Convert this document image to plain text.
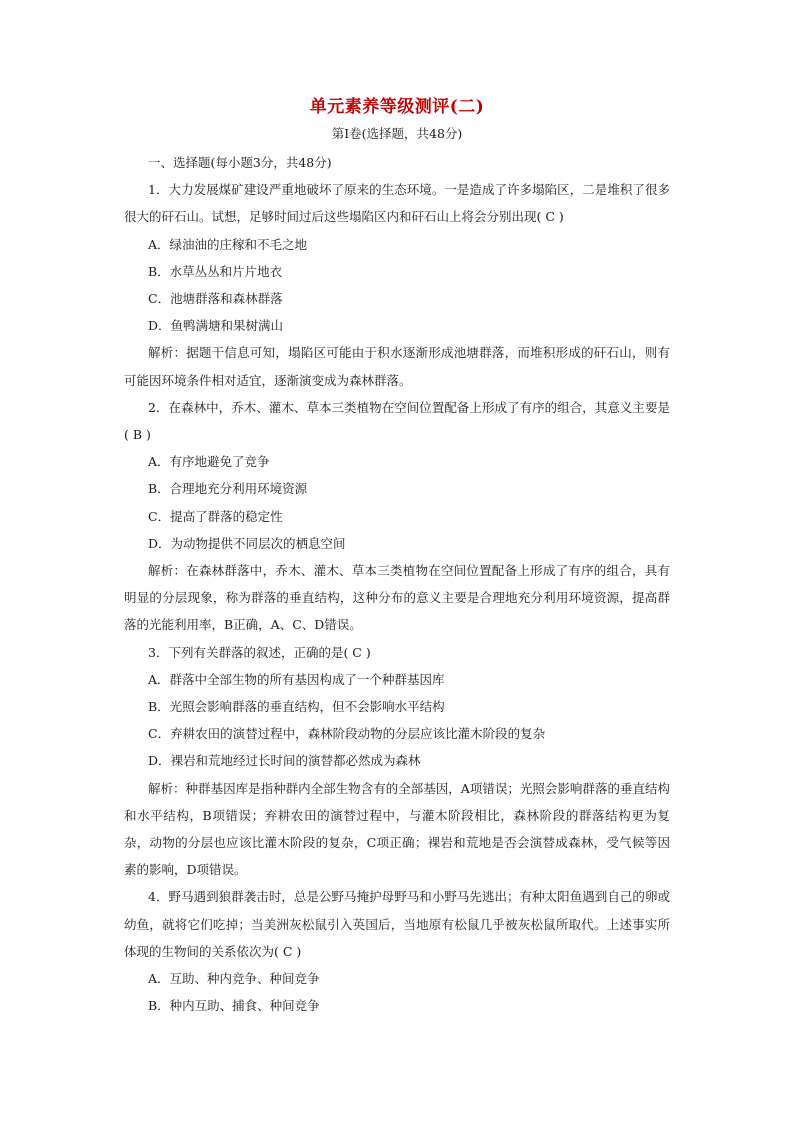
单元素养等级测评(二)
第Ⅰ卷(选择题，共48分)

一、选择题(每小题3分，共48分)

1．大力发展煤矿建设严重地破坏了原来的生态环境。一是造成了许多塌陷区，二是堆积了很多很大的矸石山。试想，足够时间过后这些塌陷区内和矸石山上将会分别出现( C )

A．绿油油的庄稼和不毛之地

B．水草丛丛和片片地衣

C．池塘群落和森林群落

D．鱼鸭满塘和果树满山

解析：据题干信息可知，塌陷区可能由于积水逐渐形成池塘群落，而堆积形成的矸石山，则有可能因环境条件相对适宜，逐渐演变成为森林群落。

2．在森林中，乔木、灌木、草本三类植物在空间位置配备上形成了有序的组合，其意义主要是( B )

A．有序地避免了竞争

B．合理地充分利用环境资源

C．提高了群落的稳定性

D．为动物提供不同层次的栖息空间

解析：在森林群落中，乔木、灌木、草本三类植物在空间位置配备上形成了有序的组合，具有明显的分层现象，称为群落的垂直结构，这种分布的意义主要是合理地充分利用环境资源，提高群落的光能利用率，B正确，A、C、D错误。

3．下列有关群落的叙述，正确的是( C )

A．群落中全部生物的所有基因构成了一个种群基因库

B．光照会影响群落的垂直结构，但不会影响水平结构

C．弃耕农田的演替过程中，森林阶段动物的分层应该比灌木阶段的复杂

D．裸岩和荒地经过长时间的演替都必然成为森林

解析：种群基因库是指种群内全部生物含有的全部基因，A项错误；光照会影响群落的垂直结构和水平结构，B项错误；弃耕农田的演替过程中，与灌木阶段相比，森林阶段的群落结构更为复杂，动物的分层也应该比灌木阶段的复杂，C项正确；裸岩和荒地是否会演替成森林，受气候等因素的影响，D项错误。

4．野马遇到狼群袭击时，总是公野马掩护母野马和小野马先逃出；有种太阳鱼遇到自己的卵或幼鱼，就将它们吃掉；当美洲灰松鼠引入英国后，当地原有松鼠几乎被灰松鼠所取代。上述事实所体现的生物间的关系依次为( C )

A．互助、种内竞争、种间竞争

B．种内互助、捕食、种间竞争
